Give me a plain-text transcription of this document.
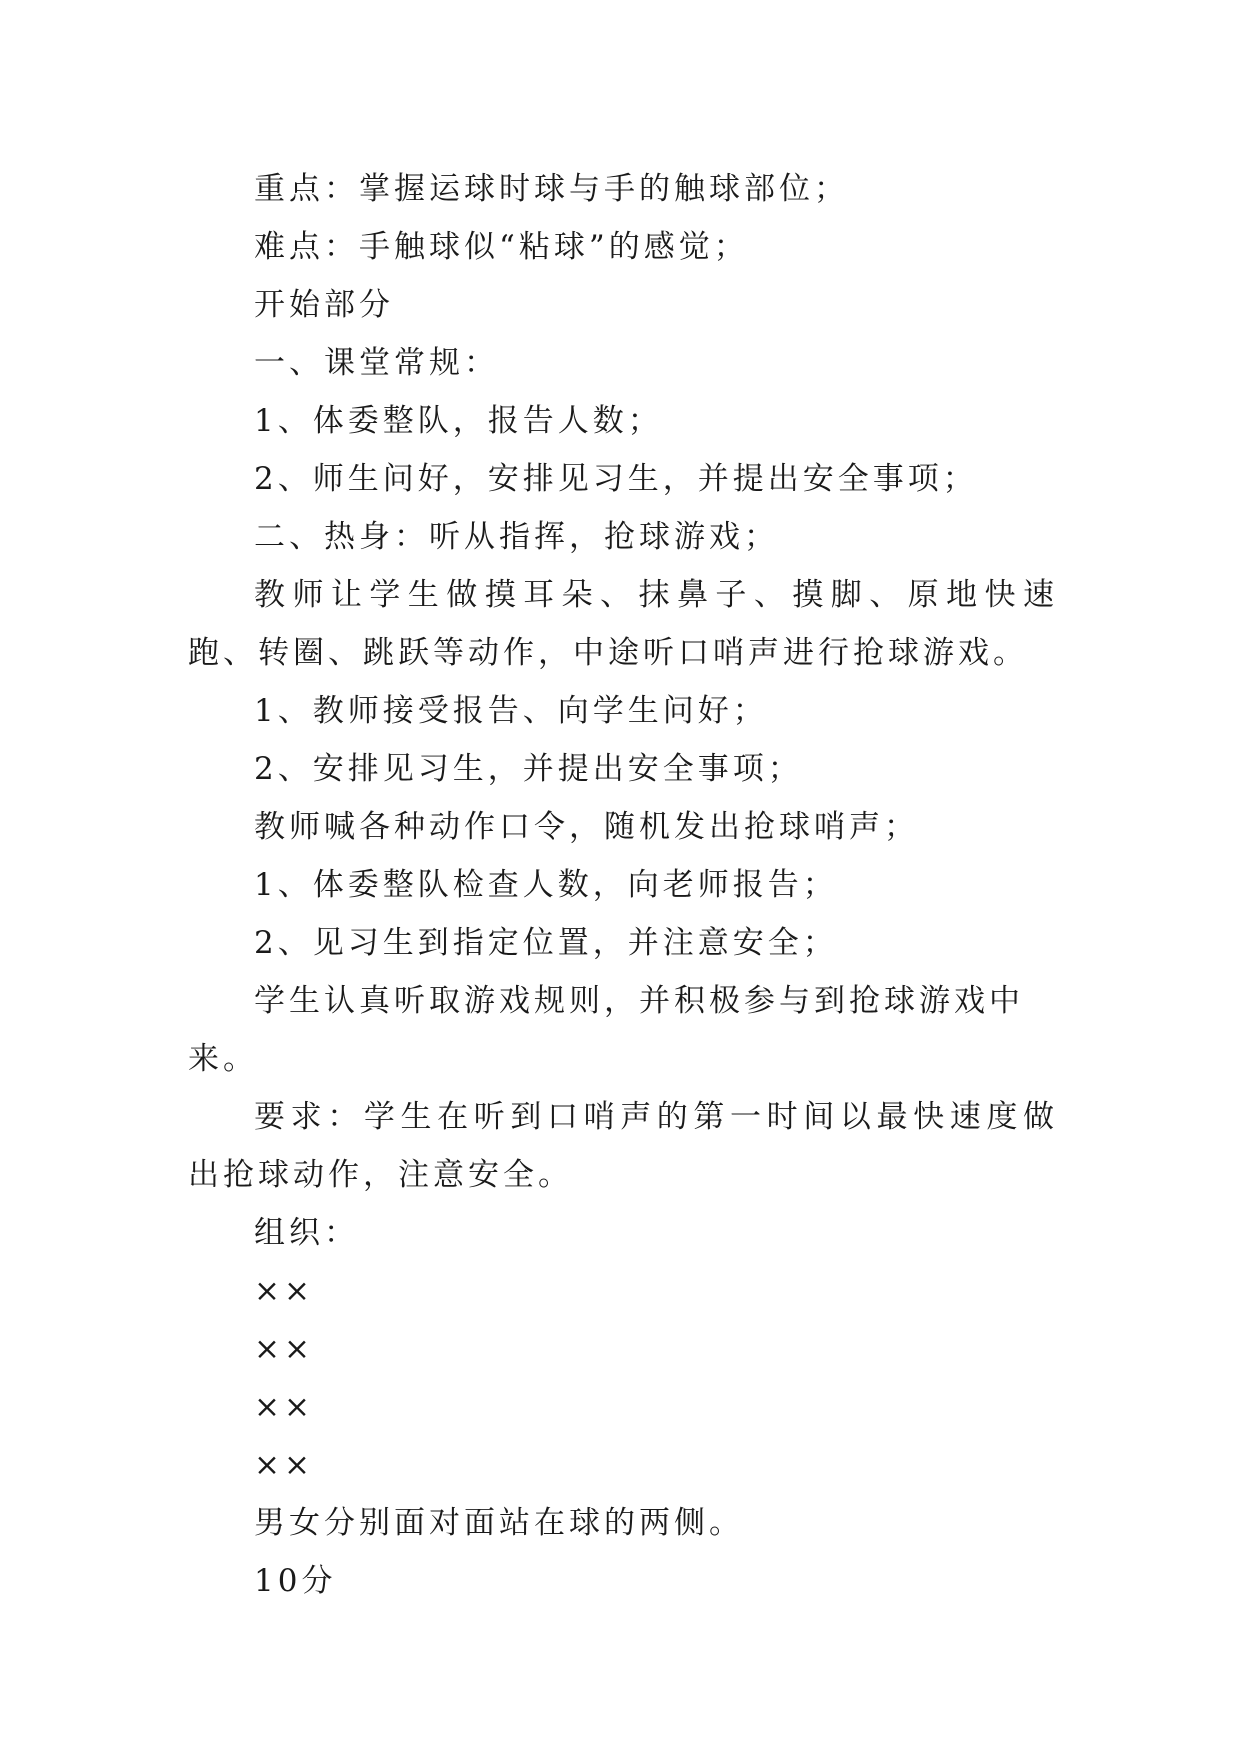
重点：掌握运球时球与手的触球部位；

难点：手触球似“粘球”的感觉；

开始部分

一、课堂常规：

1、体委整队，报告人数；

2、师生问好，安排见习生，并提出安全事项；

二、热身：听从指挥，抢球游戏；

教师让学生做摸耳朵、抹鼻子、摸脚、原地快速跑、转圈、跳跃等动作，中途听口哨声进行抢球游戏。

1、教师接受报告、向学生问好；

2、安排见习生，并提出安全事项；

教师喊各种动作口令，随机发出抢球哨声；

1、体委整队检查人数，向老师报告；

2、见习生到指定位置，并注意安全；

学生认真听取游戏规则，并积极参与到抢球游戏中来。

要求：学生在听到口哨声的第一时间以最快速度做出抢球动作，注意安全。

组织：

××

××

××

××

男女分别面对面站在球的两侧。

10分
